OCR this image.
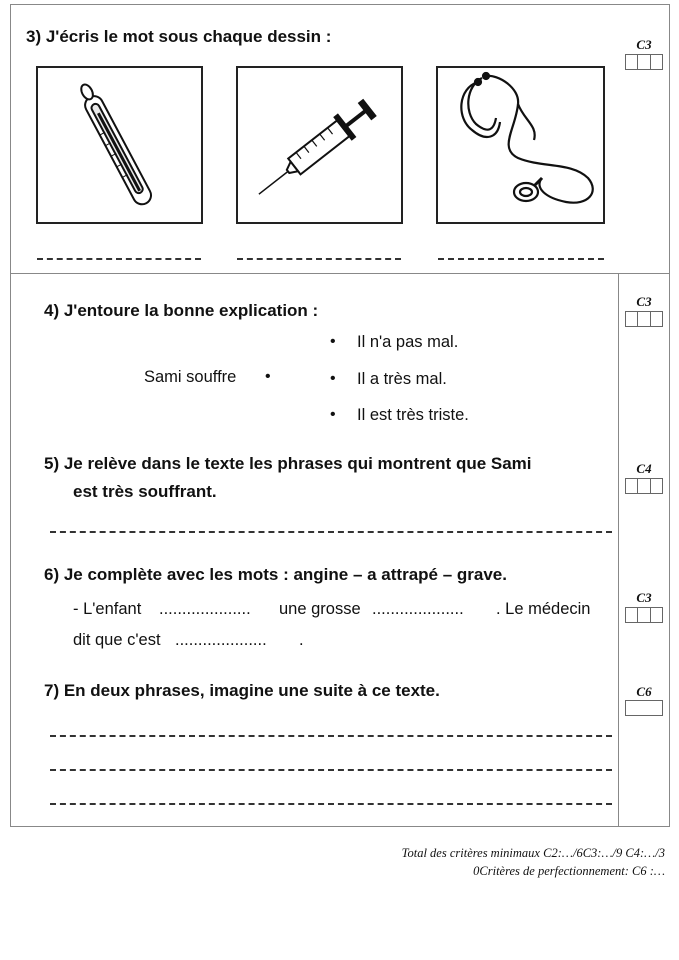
3) J'écris le mot sous chaque dessin :	C3
4) J'entoure la bonne explication :	C3
Sami souffre •
• Il n'a pas mal.
• Il a très mal.
• Il est très triste.
5) Je relève dans le texte les phrases qui montrent que Sami
est très souffrant.
C4
6) Je complète avec les mots : angine – a attrapé – grave.
C3
- L'enfant .................... une grosse .................... . Le médecin
dit que c'est .................... .
7) En deux phrases, imagine une suite à ce texte.	C6
Total des critères minimaux C2:…/6C3:…/9 C4:…/3
0Critères de perfectionnement: C6 :…
